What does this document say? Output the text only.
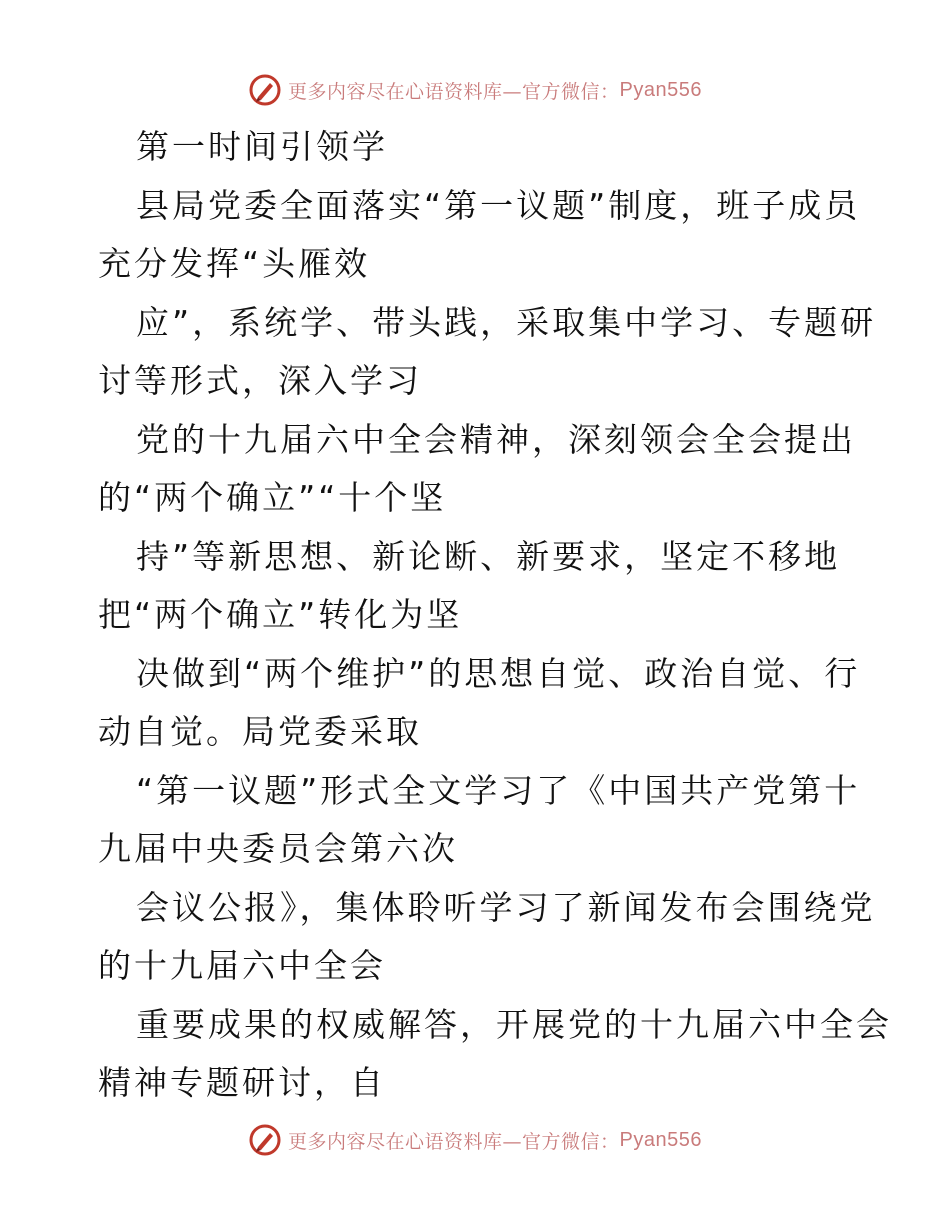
更多内容尽在心语资料库—官方微信： Pyan556
第一时间引领学
县局党委全面落实“第一议题”制度，班子成员
充分发挥“头雁效
应”，系统学、带头践，采取集中学习、专题研
讨等形式，深入学习
党的十九届六中全会精神，深刻领会全会提出
的“两个确立”“十个坚
持”等新思想、新论断、新要求，坚定不移地
把“两个确立”转化为坚
决做到“两个维护”的思想自觉、政治自觉、行
动自觉。局党委采取
“第一议题”形式全文学习了《中国共产党第十
九届中央委员会第六次
会议公报》，集体聆听学习了新闻发布会围绕党
的十九届六中全会
重要成果的权威解答，开展党的十九届六中全会
精神专题研讨，自
更多内容尽在心语资料库—官方微信： Pyan556
